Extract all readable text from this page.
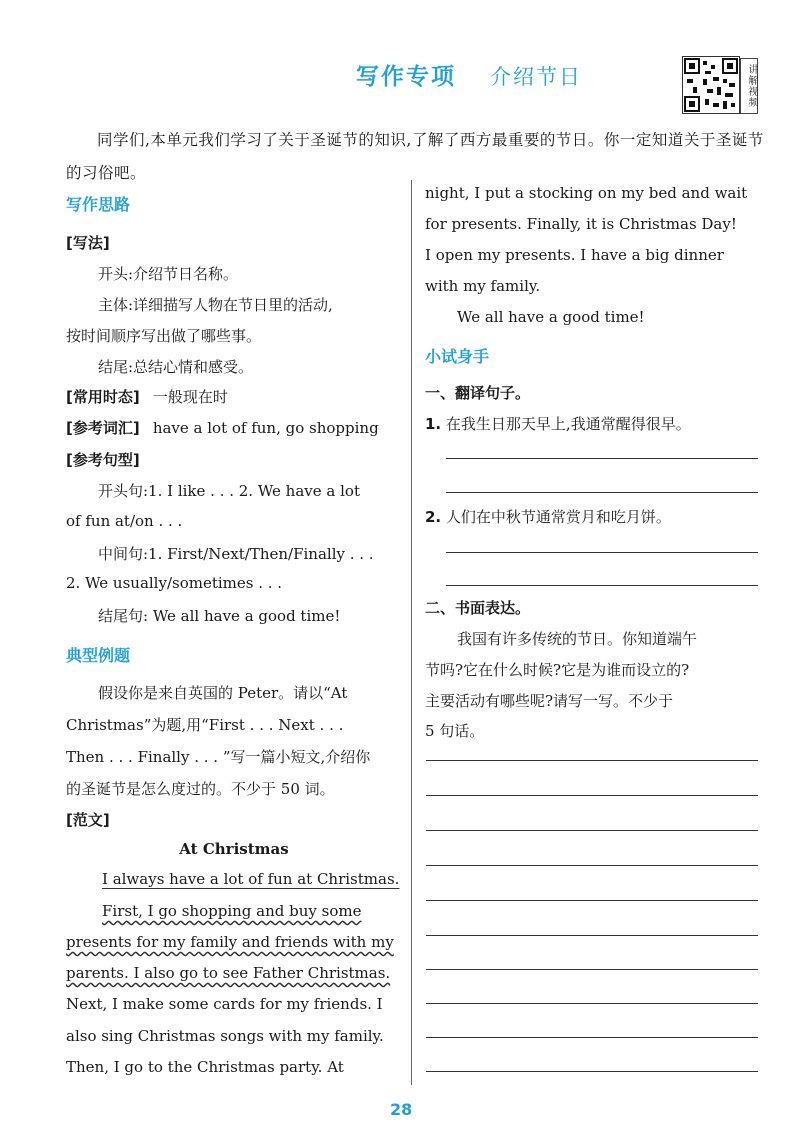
写作专项 介绍节日	讲解视频
同学们,本单元我们学习了关于圣诞节的知识,了解了西方最重要的节日。你一定知道关于圣诞节的习俗吧。
写作思路
[写法]
开头:介绍节日名称。
主体:详细描写人物在节日里的活动,
按时间顺序写出做了哪些事。
结尾:总结心情和感受。
[常用时态] 一般现在时
[参考词汇] have a lot of fun, go shopping
[参考句型]
开头句:1. I like . . . 2. We have a lot
of fun at/on . . .
中间句:1. First/Next/Then/Finally . . .
2. We usually/sometimes . . .
结尾句: We all have a good time!
典型例题
假设你是来自英国的 Peter。请以“At
Christmas”为题,用“First . . . Next . . .
Then . . . Finally . . . ”写一篇小短文,介绍你
的圣诞节是怎么度过的。不少于 50 词。
[范文]
At Christmas
I always have a lot of fun at Christmas.
First, I go shopping and buy some
presents for my family and friends with my
parents. I also go to see Father Christmas.
Next, I make some cards for my friends. I
also sing Christmas songs with my family.
Then, I go to the Christmas party. At
night, I put a stocking on my bed and wait
for presents. Finally, it is Christmas Day!
I open my presents. I have a big dinner
with my family.
We all have a good time!
小试身手
一、翻译句子。
1. 在我生日那天早上,我通常醒得很早。
2. 人们在中秋节通常赏月和吃月饼。
二、书面表达。
我国有许多传统的节日。你知道端午
节吗?它在什么时候?它是为谁而设立的?
主要活动有哪些呢?请写一写。不少于
5 句话。
28
